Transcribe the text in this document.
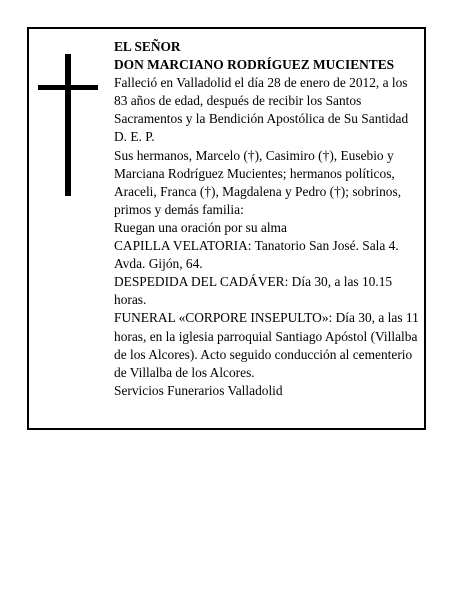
EL SEÑOR

DON MARCIANO RODRÍGUEZ MUCIENTES

Falleció en Valladolid el día 28 de enero de 2012, a los 83 años de edad, después de recibir los Santos Sacramentos y la Bendición Apostólica de Su Santidad

D. E. P.

Sus hermanos, Marcelo (†), Casimiro (†), Eusebio y Marciana Rodríguez Mucientes; hermanos políticos, Araceli, Franca (†), Magdalena y Pedro (†); sobrinos, primos y demás familia:

Ruegan una oración por su alma

CAPILLA VELATORIA: Tanatorio San José. Sala 4. Avda. Gijón, 64.

DESPEDIDA DEL CADÁVER: Día 30, a las 10.15 horas.

FUNERAL «CORPORE INSEPULTO»: Día 30, a las 11 horas, en la iglesia parroquial Santiago Apóstol (Villalba de los Alcores). Acto seguido conducción al cementerio de Villalba de los Alcores.

Servicios Funerarios Valladolid
